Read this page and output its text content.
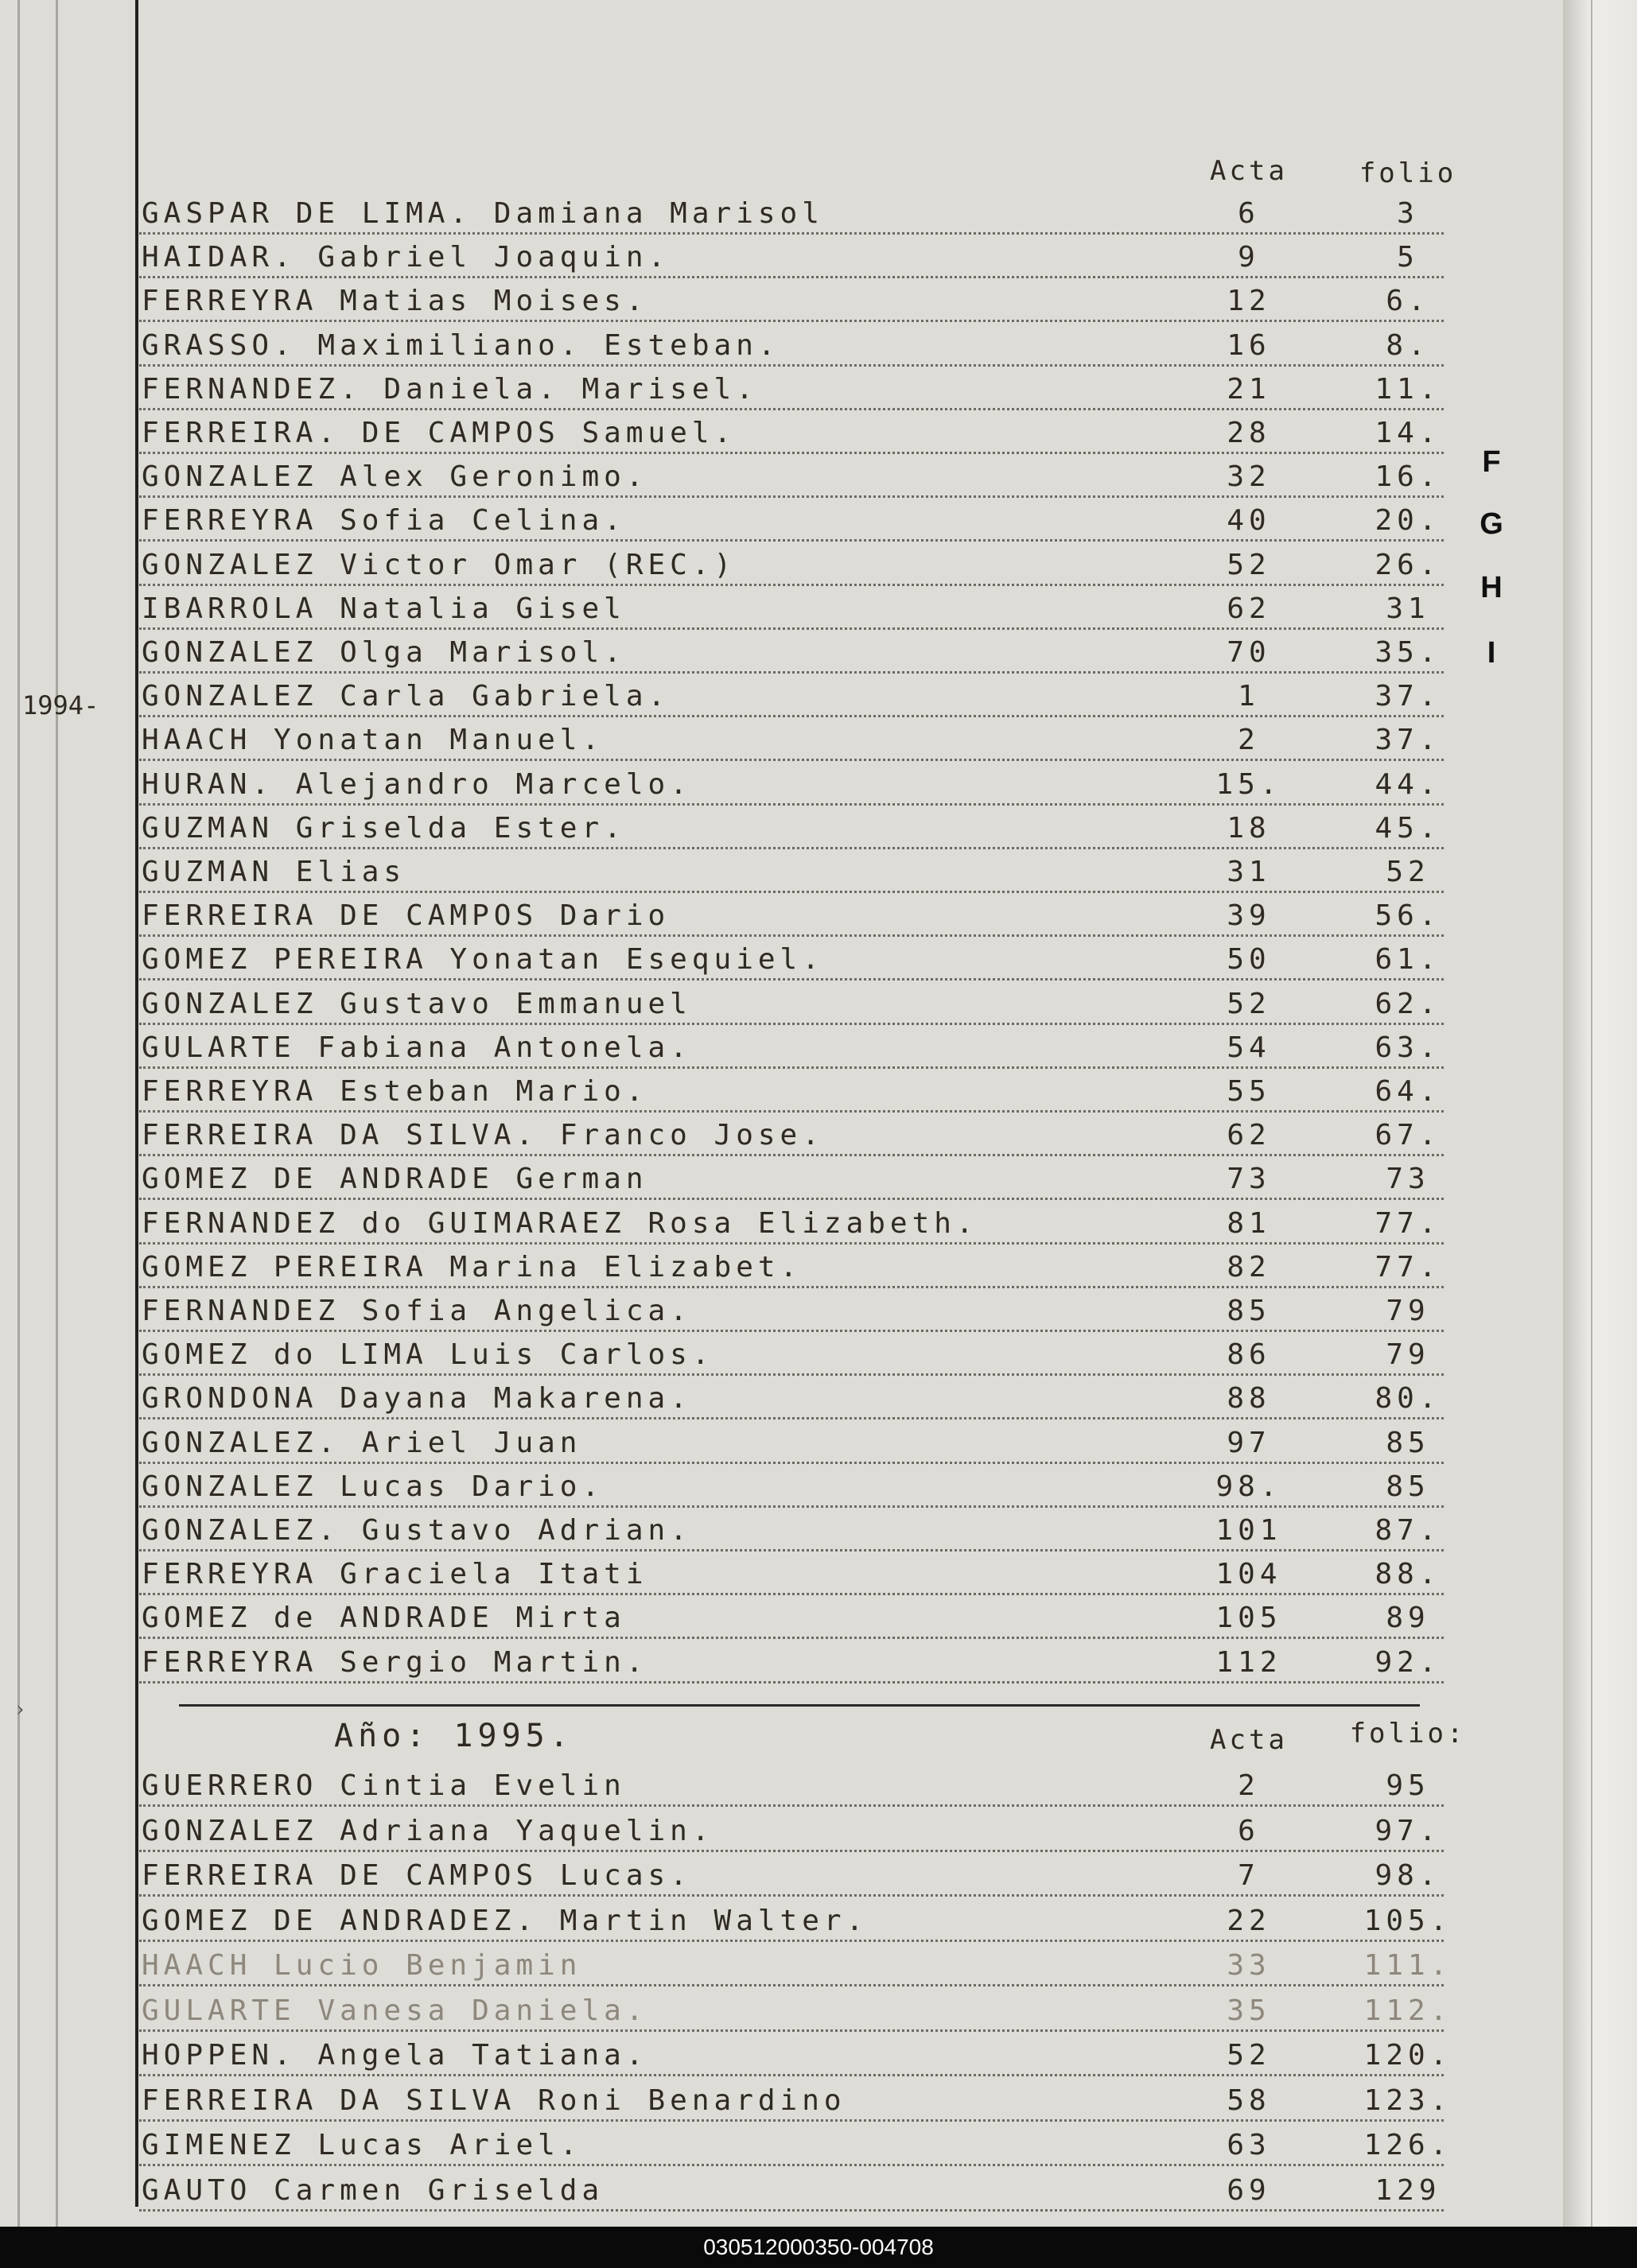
1994-
›
Acta	folio
F
G
H
I
GASPAR DE LIMA. Damiana Marisol	6	3
HAIDAR. Gabriel Joaquin.	9	5
FERREYRA Matias Moises.	12	6.
GRASSO. Maximiliano. Esteban.	16	8.
FERNANDEZ. Daniela. Marisel.	21	11.
FERREIRA. DE CAMPOS Samuel.	28	14.
GONZALEZ Alex Geronimo.	32	16.
FERREYRA Sofia Celina.	40	20.
GONZALEZ Victor Omar (REC.)	52	26.
IBARROLA Natalia Gisel	62	31
GONZALEZ Olga Marisol.	70	35.
GONZALEZ Carla Gabriela.	1	37.
HAACH Yonatan Manuel.	2	37.
HURAN. Alejandro Marcelo.	15.	44.
GUZMAN Griselda Ester.	18	45.
GUZMAN Elias	31	52
FERREIRA DE CAMPOS Dario	39	56.
GOMEZ PEREIRA Yonatan Esequiel.	50	61.
GONZALEZ Gustavo Emmanuel	52	62.
GULARTE Fabiana Antonela.	54	63.
FERREYRA Esteban Mario.	55	64.
FERREIRA DA SILVA. Franco Jose.	62	67.
GOMEZ DE ANDRADE German	73	73
FERNANDEZ do GUIMARAEZ Rosa Elizabeth.	81	77.
GOMEZ PEREIRA Marina Elizabet.	82	77.
FERNANDEZ Sofia Angelica.	85	79
GOMEZ do LIMA Luis Carlos.	86	79
GRONDONA Dayana Makarena.	88	80.
GONZALEZ. Ariel Juan	97	85
GONZALEZ Lucas Dario.	98.	85
GONZALEZ. Gustavo Adrian.	101	87.
FERREYRA Graciela Itati	104	88.
GOMEZ de ANDRADE Mirta	105	89
FERREYRA Sergio Martin.	112	92.
Año: 1995.	Acta	folio:
GUERRERO Cintia Evelin	2	95
GONZALEZ Adriana Yaquelin.	6	97.
FERREIRA DE CAMPOS Lucas.	7	98.
GOMEZ DE ANDRADEZ. Martin Walter.	22	105.
HAACH Lucio Benjamin	33	111.
GULARTE Vanesa Daniela.	35	112.
HOPPEN. Angela Tatiana.	52	120.
FERREIRA DA SILVA Roni Benardino	58	123.
GIMENEZ Lucas Ariel.	63	126.
GAUTO Carmen Griselda	69	129
030512000350-004708
